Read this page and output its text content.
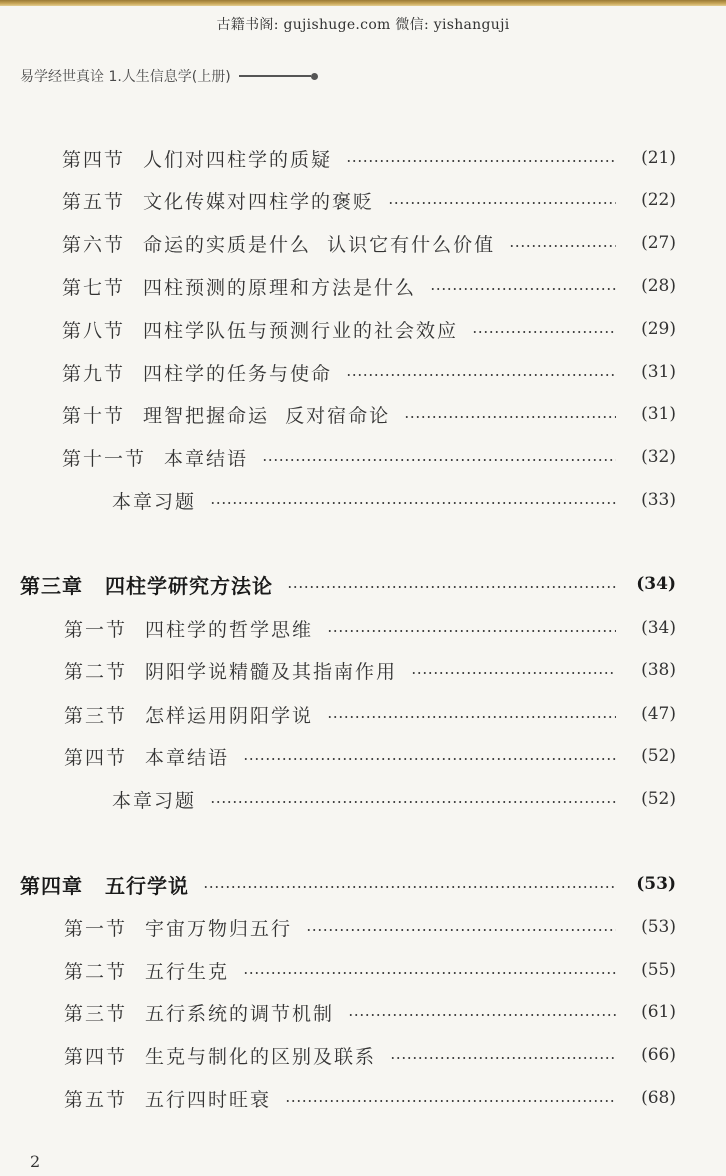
古籍书阁: gujishuge.com 微信: yishanguji
易学经世真诠 1.人生信息学(上册)
第四节 人们对四柱学的质疑	(21)
第五节 文化传媒对四柱学的褒贬	(22)
第六节 命运的实质是什么  认识它有什么价值	(27)
第七节 四柱预测的原理和方法是什么	(28)
第八节 四柱学队伍与预测行业的社会效应	(29)
第九节 四柱学的任务与使命	(31)
第十节 理智把握命运  反对宿命论	(31)
第十一节 本章结语	(32)
本章习题	(33)
第三章 四柱学研究方法论	(34)
第一节 四柱学的哲学思维	(34)
第二节 阴阳学说精髓及其指南作用	(38)
第三节 怎样运用阴阳学说	(47)
第四节 本章结语	(52)
本章习题	(52)
第四章 五行学说	(53)
第一节 宇宙万物归五行	(53)
第二节 五行生克	(55)
第三节 五行系统的调节机制	(61)
第四节 生克与制化的区别及联系	(66)
第五节 五行四时旺衰	(68)
2
